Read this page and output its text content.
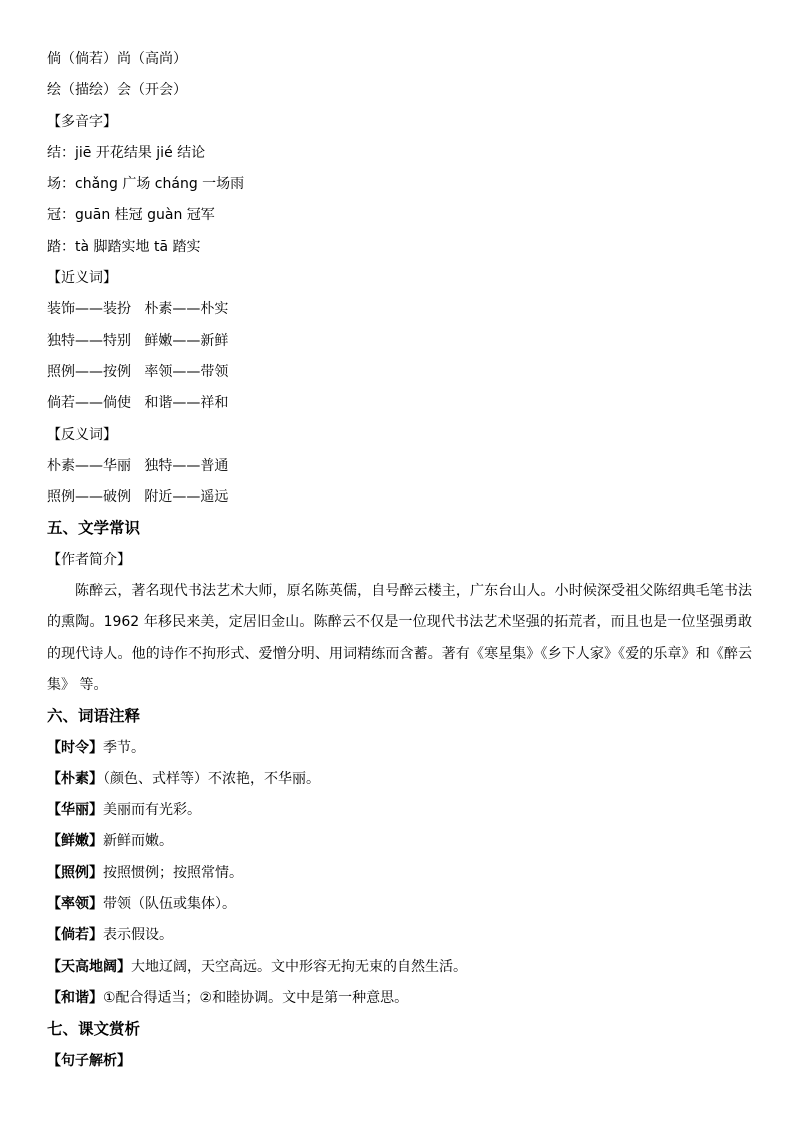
倘（倘若）尚（高尚）
绘（描绘）会（开会）
【多音字】
结：jiē 开花结果 jié 结论
场：chǎng 广场 cháng 一场雨
冠：guān 桂冠 guàn 冠军
踏：tà 脚踏实地 tā 踏实
【近义词】
装饰——装扮   朴素——朴实
独特——特别   鲜嫩——新鲜
照例——按例   率领——带领
倘若——倘使   和谐——祥和
【反义词】
朴素——华丽   独特——普通
照例——破例   附近——遥远
五、文学常识
【作者简介】

陈醉云，著名现代书法艺术大师，原名陈英儒，自号醉云楼主，广东台山人。小时候深受祖父陈绍典毛笔书法的熏陶。1962 年移民来美，定居旧金山。陈醉云不仅是一位现代书法艺术坚强的拓荒者，而且也是一位坚强勇敢的现代诗人。他的诗作不拘形式、爱憎分明、用词精练而含蓄。著有《寒星集》《乡下人家》《爱的乐章》和《醉云集》 等。

六、词语注释
【时令】季节。
【朴素】（颜色、式样等）不浓艳，不华丽。
【华丽】美丽而有光彩。
【鲜嫩】新鲜而嫩。
【照例】按照惯例；按照常情。
【率领】带领（队伍或集体）。
【倘若】表示假设。
【天高地阔】大地辽阔，天空高远。文中形容无拘无束的自然生活。
【和谐】①配合得适当；②和睦协调。文中是第一种意思。
七、课文赏析
【句子解析】
